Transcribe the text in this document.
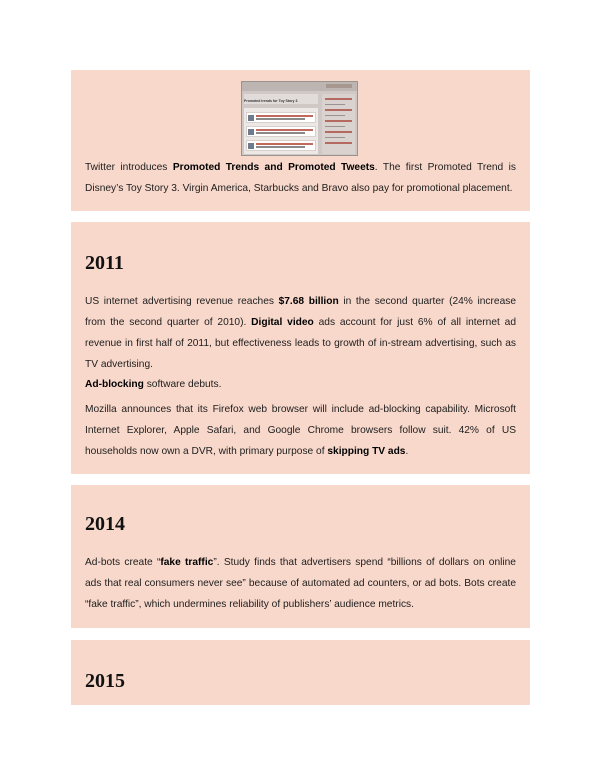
Promoted trends for Toy Story 3
Twitter introduces Promoted Trends and Promoted Tweets. The first Promoted Trend is Disney’s Toy Story 3. Virgin America, Starbucks and Bravo also pay for promotional placement.
2011
US internet advertising revenue reaches $7.68 billion in the second quarter (24% increase from the second quarter of 2010). Digital video ads account for just 6% of all internet ad revenue in first half of 2011, but effectiveness leads to growth of in-stream advertising, such as TV advertising.
Ad-blocking software debuts.
Mozilla announces that its Firefox web browser will include ad-blocking capability. Microsoft Internet Explorer, Apple Safari, and Google Chrome browsers follow suit. 42% of US households now own a DVR, with primary purpose of skipping TV ads.
2014
Ad-bots create “fake traffic”. Study finds that advertisers spend “billions of dollars on online ads that real consumers never see” because of automated ad counters, or ad bots. Bots create “fake traffic”, which undermines reliability of publishers’ audience metrics.
2015
